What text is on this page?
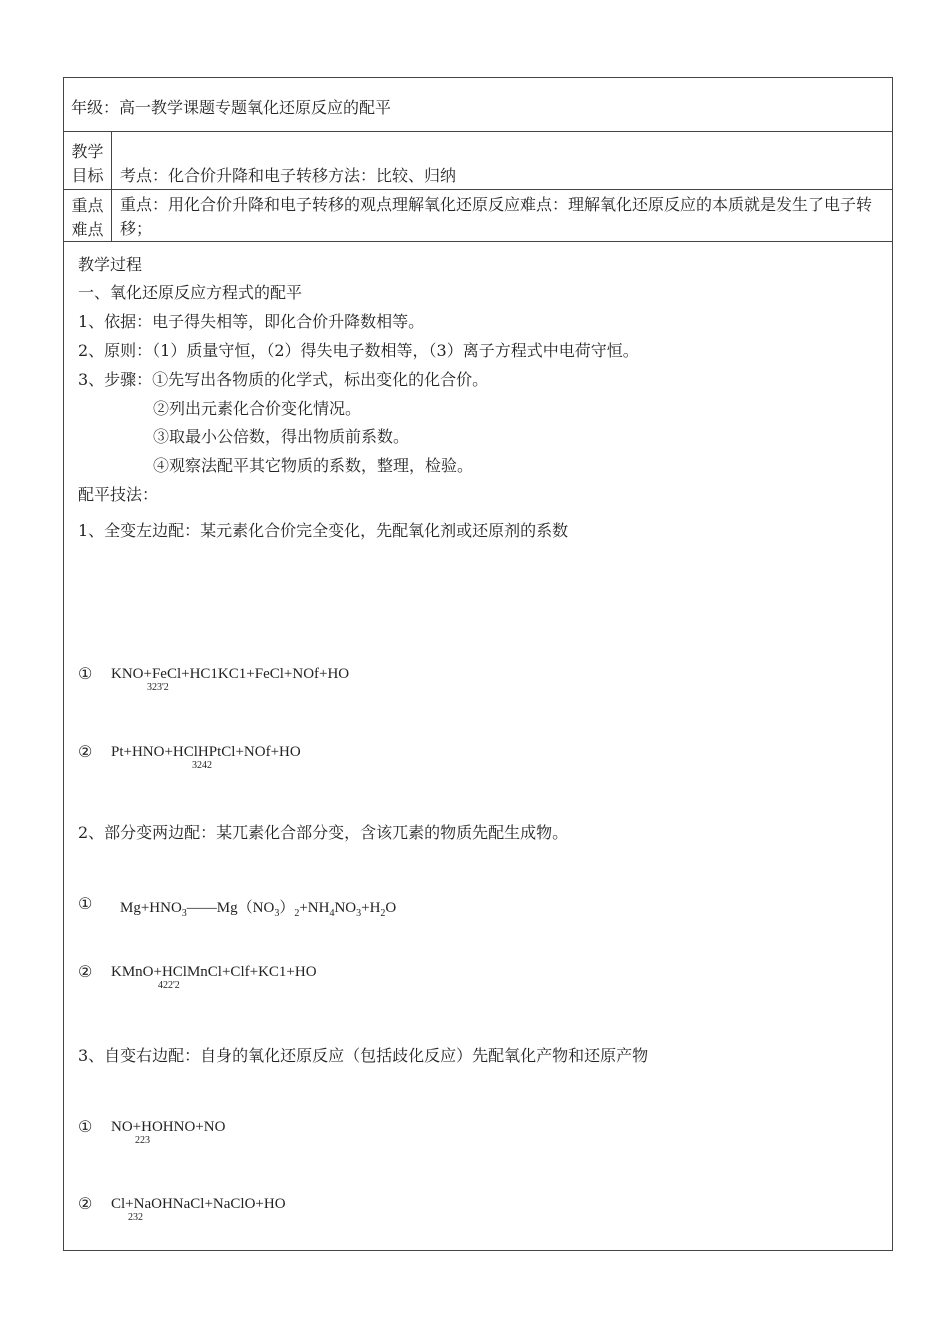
年级：高一教学课题专题氧化还原反应的配平
教学
目标	考点：化合价升降和电子转移方法：比较、归纳
重点
难点
重点：用化合价升降和电子转移的观点理解氧化还原反应难点：理解氧化还原反应的本质就是发生了电子转移；
教学过程
一、氧化还原反应方程式的配平
1、依据：电子得失相等，即化合价升降数相等。
2、原则：（1）质量守恒，（2）得失电子数相等，（3）离子方程式中电荷守恒。
3、步骤：①先写出各物质的化学式，标出变化的化合价。
②列出元素化合价变化情况。
③取最小公倍数，得出物质前系数。
④观察法配平其它物质的系数，整理，检验。
配平技法：
1、全变左边配：某元素化合价完全变化，先配氧化剂或还原剂的系数
① KNO+FeCl+HC1KC1+FeCl+NOf+HO
323'2
② Pt+HNO+HClHPtCl+NOf+HO
3242
2、部分变两边配：某兀素化合部分变，含该兀素的物质先配生成物。
① $Mg+HNO_3——Mg(NO_3)_2+NH_4NO_3+H_2O$
② KMnO+HClMnCl+Clf+KC1+HO
422'2
3、自变右边配：自身的氧化还原反应（包括歧化反应）先配氧化产物和还原产物
① NO+HOHNO+NO
223
② Cl+NaOHNaCl+NaClO+HO
232
